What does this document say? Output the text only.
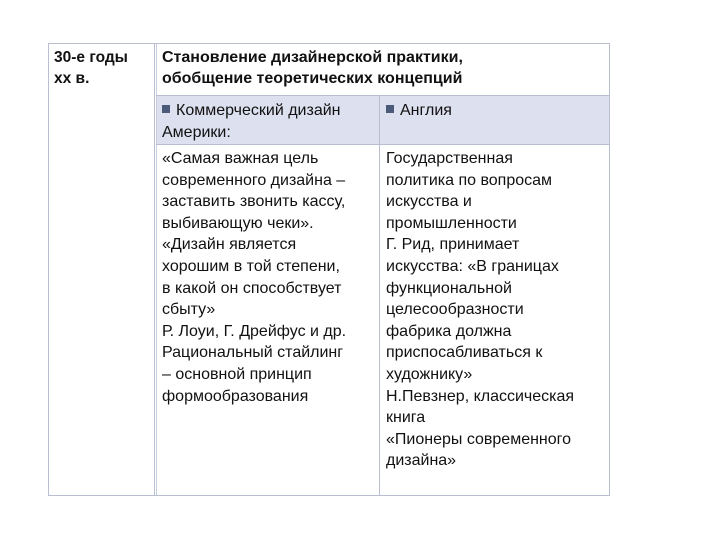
30-е годы
хх в.
Становление дизайнерской практики,
обобщение теоретических концепций
Коммерческий дизайн
Америки:
Англия
«Самая важная цель
современного дизайна –
заставить звонить кассу,
выбивающую чеки».
«Дизайн является
хорошим в той степени,
в какой он способствует
сбыту»
Р. Лоуи, Г. Дрейфус и др.
Рациональный стайлинг
– основной принцип
формообразования
Государственная
политика по вопросам
искусства и
промышленности
Г. Рид, принимает
искусства: «В границах
функциональной
целесообразности
фабрика должна
приспосабливаться к
художнику»
Н.Певзнер, классическая
книга
«Пионеры современного
дизайна»
